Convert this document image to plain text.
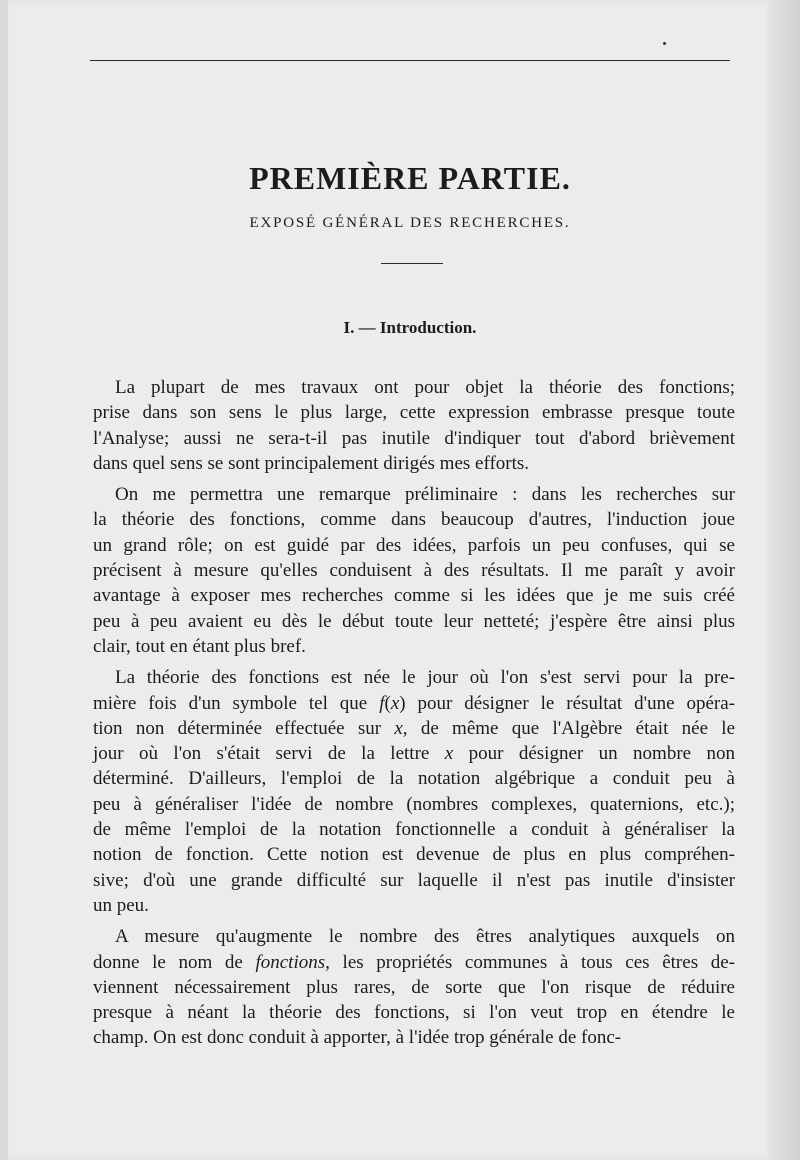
PREMIÈRE PARTIE.
EXPOSÉ GÉNÉRAL DES RECHERCHES.
I. — Introduction.
La plupart de mes travaux ont pour objet la théorie des fonctions;
prise dans son sens le plus large, cette expression embrasse presque toute
l'Analyse; aussi ne sera-t-il pas inutile d'indiquer tout d'abord brièvement
dans quel sens se sont principalement dirigés mes efforts.
On me permettra une remarque préliminaire : dans les recherches sur
la théorie des fonctions, comme dans beaucoup d'autres, l'induction joue
un grand rôle; on est guidé par des idées, parfois un peu confuses, qui se
précisent à mesure qu'elles conduisent à des résultats. Il me paraît y avoir
avantage à exposer mes recherches comme si les idées que je me suis créé
peu à peu avaient eu dès le début toute leur netteté; j'espère être ainsi plus
clair, tout en étant plus bref.
La théorie des fonctions est née le jour où l'on s'est servi pour la pre-
mière fois d'un symbole tel que f(x) pour désigner le résultat d'une opéra-
tion non déterminée effectuée sur x, de même que l'Algèbre était née le
jour où l'on s'était servi de la lettre x pour désigner un nombre non
déterminé. D'ailleurs, l'emploi de la notation algébrique a conduit peu à
peu à généraliser l'idée de nombre (nombres complexes, quaternions, etc.);
de même l'emploi de la notation fonctionnelle a conduit à généraliser la
notion de fonction. Cette notion est devenue de plus en plus compréhen-
sive; d'où une grande difficulté sur laquelle il n'est pas inutile d'insister
un peu.
A mesure qu'augmente le nombre des êtres analytiques auxquels on
donne le nom de fonctions, les propriétés communes à tous ces êtres de-
viennent nécessairement plus rares, de sorte que l'on risque de réduire
presque à néant la théorie des fonctions, si l'on veut trop en étendre le
champ. On est donc conduit à apporter, à l'idée trop générale de fonc-
